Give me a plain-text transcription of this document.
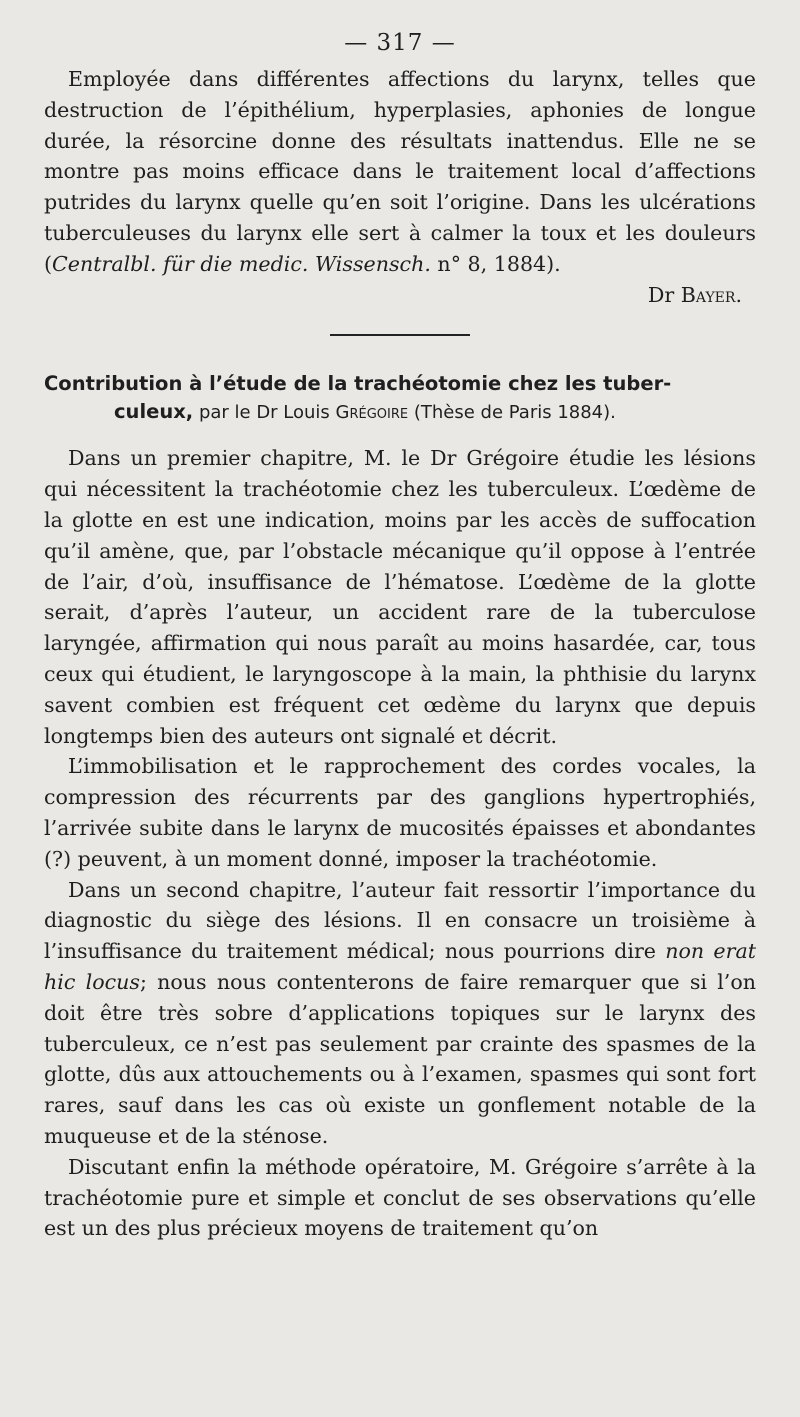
— 317 —

Employée dans différentes affections du larynx, telles que destruction de l’épithélium, hyperplasies, aphonies de longue durée, la résorcine donne des résultats inattendus. Elle ne se montre pas moins efficace dans le traitement local d’affections putrides du larynx quelle qu’en soit l’origine. Dans les ulcérations tuberculeuses du larynx elle sert à calmer la toux et les douleurs (Centralbl. für die medic. Wissensch. n° 8, 1884).

Dr Bayer.

Contribution à l’étude de la trachéotomie chez les tuber-
culeux, par le Dr Louis Grégoire (Thèse de Paris 1884).

Dans un premier chapitre, M. le Dr Grégoire étudie les lésions qui nécessitent la trachéotomie chez les tuberculeux. L’œdème de la glotte en est une indication, moins par les accès de suffocation qu’il amène, que, par l’obstacle mécanique qu’il oppose à l’entrée de l’air, d’où, insuffisance de l’hématose. L’œdème de la glotte serait, d’après l’auteur, un accident rare de la tuberculose laryngée, affirmation qui nous paraît au moins hasardée, car, tous ceux qui étudient, le laryngoscope à la main, la phthisie du larynx savent combien est fréquent cet œdème du larynx que depuis longtemps bien des auteurs ont signalé et décrit.

L’immobilisation et le rapprochement des cordes vocales, la compression des récurrents par des ganglions hypertrophiés, l’arrivée subite dans le larynx de mucosités épaisses et abondantes (?) peuvent, à un moment donné, imposer la trachéotomie.

Dans un second chapitre, l’auteur fait ressortir l’importance du diagnostic du siège des lésions. Il en consacre un troisième à l’insuffisance du traitement médical; nous pourrions dire non erat hic locus; nous nous contenterons de faire remarquer que si l’on doit être très sobre d’applications topiques sur le larynx des tuberculeux, ce n’est pas seulement par crainte des spasmes de la glotte, dûs aux attouchements ou à l’examen, spasmes qui sont fort rares, sauf dans les cas où existe un gonflement notable de la muqueuse et de la sténose.

Discutant enfin la méthode opératoire, M. Grégoire s’arrête à la trachéotomie pure et simple et conclut de ses observations qu’elle est un des plus précieux moyens de traitement qu’on
